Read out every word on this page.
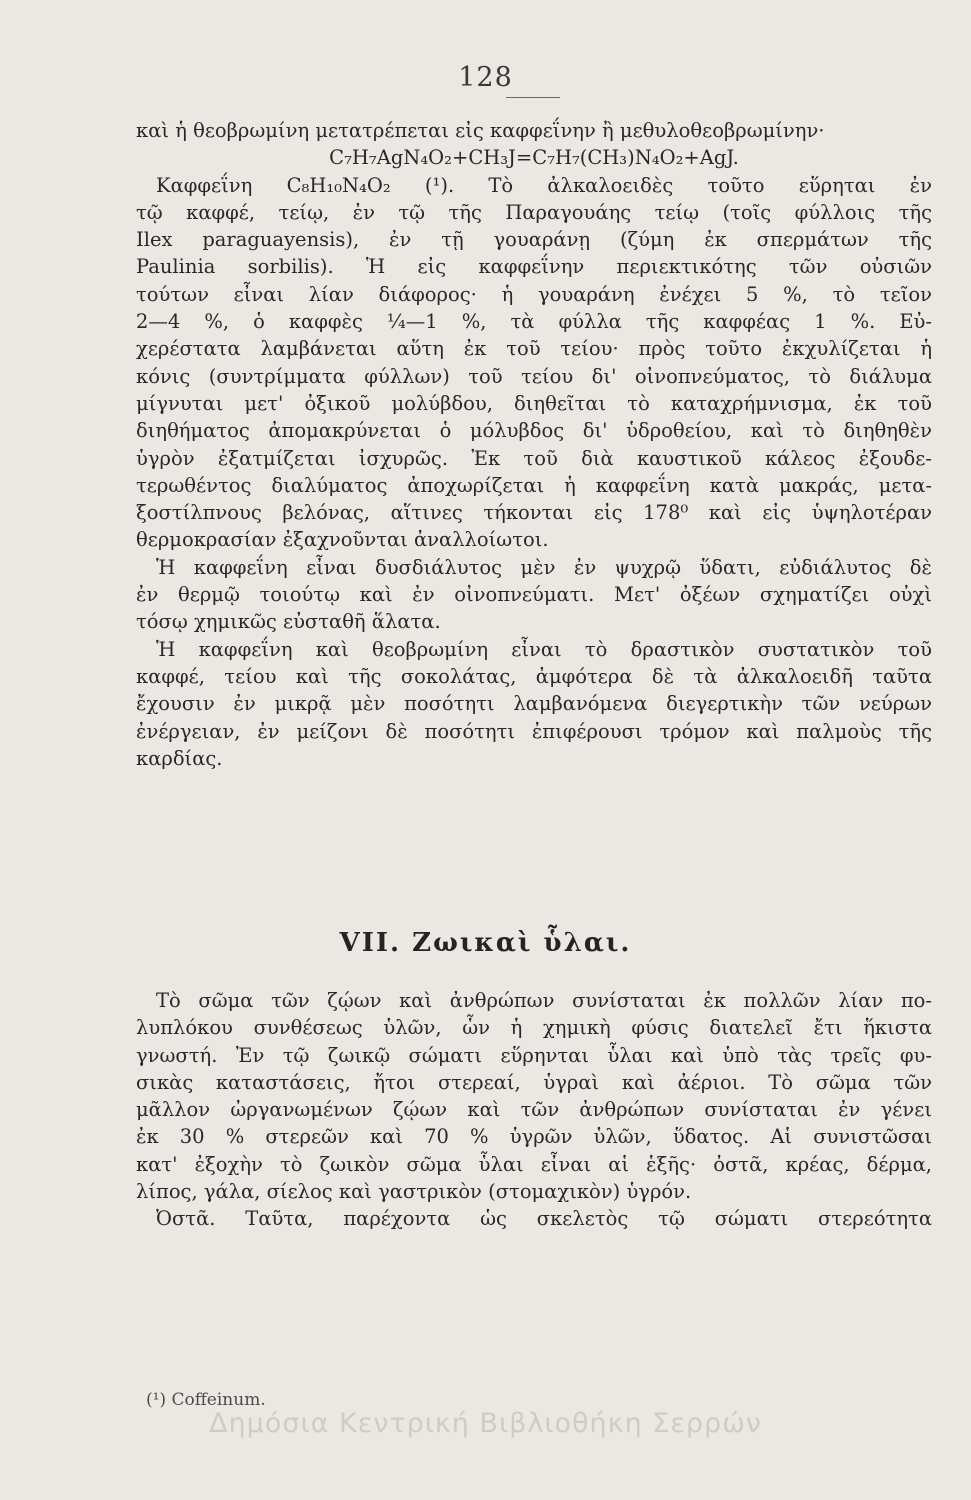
128
καὶ ἡ θεοβρωμίνη μετατρέπεται εἰς καφφεΐνην ἢ μεθυλοθεοβρωμίνην·
C₇H₇AgN₄O₂+CH₃J=C₇H₇(CH₃)N₄O₂+AgJ.
Καφφεΐνη C₈H₁₀N₄O₂ (¹). Τὸ ἀλκαλοειδὲς τοῦτο εὕρηται ἐν
τῷ καφφέ, τείῳ, ἐν τῷ τῆς Παραγουάης τείῳ (τοῖς φύλλοις τῆς
Ilex paraguayensis), ἐν τῇ γουαράνῃ (ζύμη ἐκ σπερμάτων τῆς
Paulinia sorbilis). Ἡ εἰς καφφεΐνην περιεκτικότης τῶν οὐσιῶν
τούτων εἶναι λίαν διάφορος· ἡ γουαράνη ἐνέχει 5 %, τὸ τεῖον
2—4 %, ὁ καφφὲς ¼—1 %, τὰ φύλλα τῆς καφφέας 1 %. Εὐ-
χερέστατα λαμβάνεται αὕτη ἐκ τοῦ τείου· πρὸς τοῦτο ἐκχυλίζεται ἡ
κόνις (συντρίμματα φύλλων) τοῦ τείου δι' οἰνοπνεύματος, τὸ διάλυμα
μίγνυται μετ' ὀξικοῦ μολύβδου, διηθεῖται τὸ καταχρήμνισμα, ἐκ τοῦ
διηθήματος ἀπομακρύνεται ὁ μόλυβδος δι' ὑδροθείου, καὶ τὸ διηθηθὲν
ὑγρὸν ἐξατμίζεται ἰσχυρῶς. Ἐκ τοῦ διὰ καυστικοῦ κάλεος ἐξουδε-
τερωθέντος διαλύματος ἀποχωρίζεται ἡ καφφεΐνη κατὰ μακράς, μετα-
ξοστίλπνους βελόνας, αἵτινες τήκονται εἰς 178⁰ καὶ εἰς ὑψηλοτέραν
θερμοκρασίαν ἐξαχνοῦνται ἀναλλοίωτοι.
Ἡ καφφεΐνη εἶναι δυσδιάλυτος μὲν ἐν ψυχρῷ ὕδατι, εὐδιάλυτος δὲ
ἐν θερμῷ τοιούτῳ καὶ ἐν οἰνοπνεύματι. Μετ' ὀξέων σχηματίζει οὐχὶ
τόσῳ χημικῶς εὐσταθῆ ἅλατα.
Ἡ καφφεΐνη καὶ θεοβρωμίνη εἶναι τὸ δραστικὸν συστατικὸν τοῦ
καφφέ, τείου καὶ τῆς σοκολάτας, ἀμφότερα δὲ τὰ ἀλκαλοειδῆ ταῦτα
ἔχουσιν ἐν μικρᾷ μὲν ποσότητι λαμβανόμενα διεγερτικὴν τῶν νεύρων
ἐνέργειαν, ἐν μείζονι δὲ ποσότητι ἐπιφέρουσι τρόμον καὶ παλμοὺς τῆς
καρδίας.
VII. Ζωικαὶ ὗλαι.
Τὸ σῶμα τῶν ζῴων καὶ ἀνθρώπων συνίσταται ἐκ πολλῶν λίαν πο-
λυπλόκου συνθέσεως ὑλῶν, ὧν ἡ χημικὴ φύσις διατελεῖ ἔτι ἥκιστα
γνωστή. Ἐν τῷ ζωικῷ σώματι εὕρηνται ὗλαι καὶ ὑπὸ τὰς τρεῖς φυ-
σικὰς καταστάσεις, ἤτοι στερεαί, ὑγραὶ καὶ ἀέριοι. Τὸ σῶμα τῶν
μᾶλλον ὠργανωμένων ζῴων καὶ τῶν ἀνθρώπων συνίσταται ἐν γένει
ἐκ 30 % στερεῶν καὶ 70 % ὑγρῶν ὑλῶν, ὕδατος. Αἱ συνιστῶσαι
κατ' ἐξοχὴν τὸ ζωικὸν σῶμα ὗλαι εἶναι αἱ ἑξῆς· ὀστᾶ, κρέας, δέρμα,
λίπος, γάλα, σίελος καὶ γαστρικὸν (στομαχικὸν) ὑγρόν.
Ὀστᾶ. Ταῦτα, παρέχοντα ὡς σκελετὸς τῷ σώματι στερεότητα
(¹) Coffeinum.
Δημόσια Κεντρική Βιβλιοθήκη Σερρών
